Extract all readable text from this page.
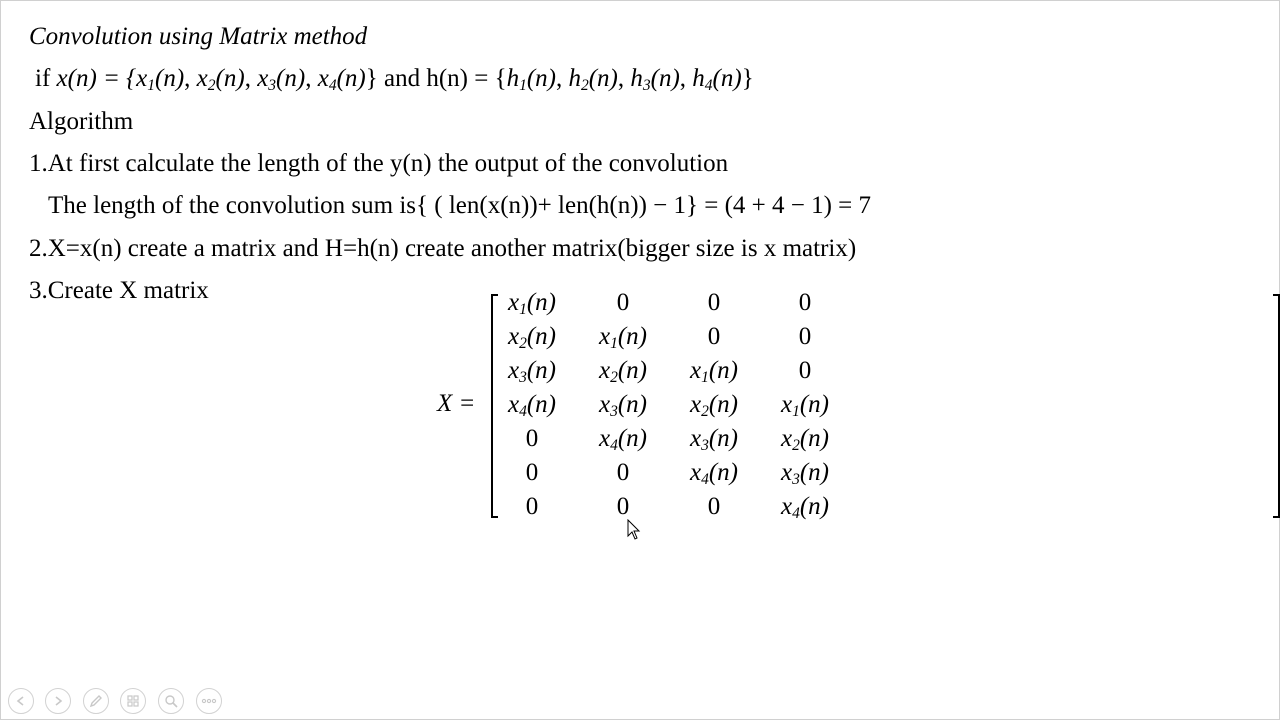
Convolution using Matrix method
if $x(n) = \{x_1(n)$, $x_2(n)$, $x_3(n)$, $x_4(n)$} and $h(n) = \{h_1(n)$, $h_2(n)$, $h_3(n)$, $h_4(n)$}
Algorithm
1.At first calculate the length of the y(n) the output of the convolution
The length of the convolution sum is{ ( len(x(n))+ len(h(n)) − 1} = (4 + 4 − 1) = 7
2.X=x(n) create a matrix and H=h(n) create another matrix(bigger size is x matrix)
3.Create X matrix
X =
$x_1(n)$	0	0	0
$x_2(n)$	$x_1(n)$	0	0
$x_3(n)$	$x_2(n)$	$x_1(n)$	0
$x_4(n)$	$x_3(n)$	$x_2(n)$	$x_1(n)$
0	$x_4(n)$	$x_3(n)$	$x_2(n)$
0	0	$x_4(n)$	$x_3(n)$
0	0	0	$x_4(n)$
